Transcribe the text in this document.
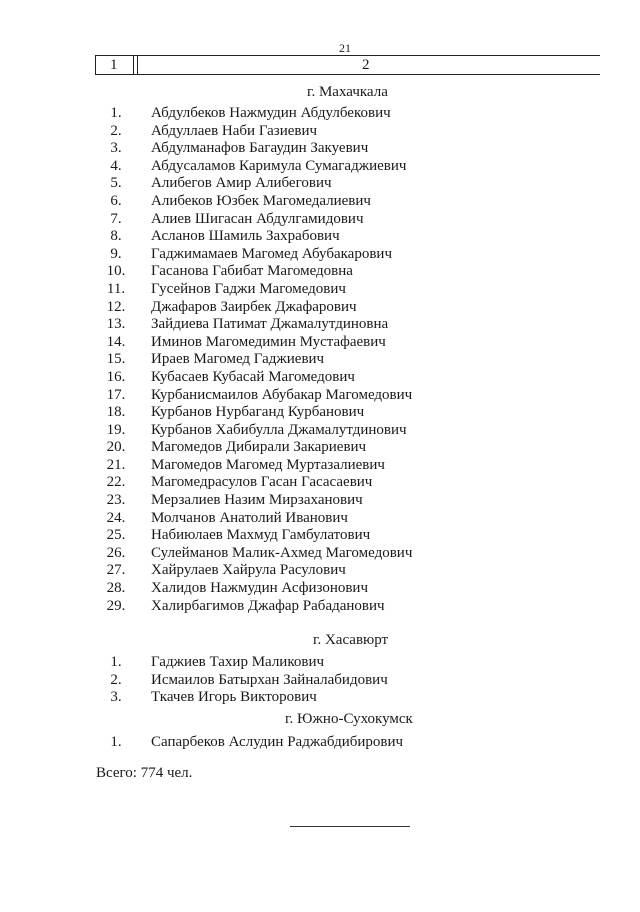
21
1	2
г. Махачкала
1.	Абдулбеков Нажмудин Абдулбекович
2.	Абдуллаев Наби Газиевич
3.	Абдулманафов Багаудин Закуевич
4.	Абдусаламов Каримула Сумагаджиевич
5.	Алибегов Амир Алибегович
6.	Алибеков Юзбек Магомедалиевич
7.	Алиев Шигасан Абдулгамидович
8.	Асланов Шамиль Захрабович
9.	Гаджимамаев Магомед Абубакарович
10.	Гасанова Габибат Магомедовна
11.	Гусейнов Гаджи Магомедович
12.	Джафаров Заирбек Джафарович
13.	Зайдиева Патимат Джамалутдиновна
14.	Иминов Магомедимин Мустафаевич
15.	Ираев Магомед Гаджиевич
16.	Кубасаев Кубасай Магомедович
17.	Курбанисмаилов Абубакар Магомедович
18.	Курбанов Нурбаганд Курбанович
19.	Курбанов Хабибулла Джамалутдинович
20.	Магомедов Дибирали Закариевич
21.	Магомедов Магомед Муртазалиевич
22.	Магомедрасулов Гасан Гасасаевич
23.	Мерзалиев Назим Мирзаханович
24.	Молчанов Анатолий Иванович
25.	Набиюлаев Махмуд Гамбулатович
26.	Сулейманов Малик-Ахмед Магомедович
27.	Хайрулаев Хайрула Расулович
28.	Халидов Нажмудин Асфизонович
29.	Халирбагимов Джафар Рабаданович
г. Хасавюрт
1.	Гаджиев Тахир Маликович
2.	Исмаилов Батырхан Зайналабидович
3.	Ткачев Игорь Викторович
г. Южно-Сухокумск
1.	Сапарбеков Аслудин Раджабдибирович
Всего: 774 чел.
